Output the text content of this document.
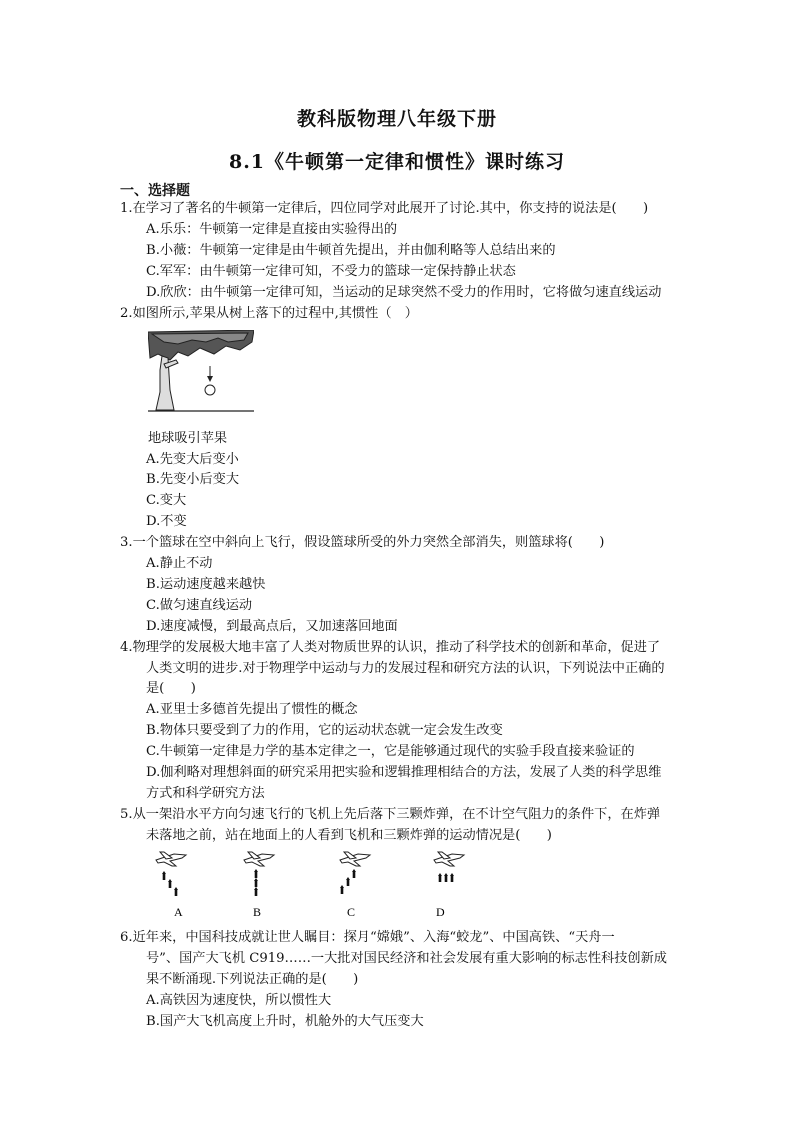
教科版物理八年级下册
8.1《牛顿第一定律和惯性》课时练习
一、选择题
1.在学习了著名的牛顿第一定律后，四位同学对此展开了讨论.其中，你支持的说法是(　　)
A.乐乐：牛顿第一定律是直接由实验得出的
B.小薇：牛顿第一定律是由牛顿首先提出，并由伽利略等人总结出来的
C.军军：由牛顿第一定律可知，不受力的篮球一定保持静止状态
D.欣欣：由牛顿第一定律可知，当运动的足球突然不受力的作用时，它将做匀速直线运动
2.如图所示,苹果从树上落下的过程中,其惯性（　）
地球吸引苹果
A.先变大后变小
B.先变小后变大
C.变大
D.不变
3.一个篮球在空中斜向上飞行，假设篮球所受的外力突然全部消失，则篮球将(　　)
A.静止不动
B.运动速度越来越快
C.做匀速直线运动
D.速度减慢，到最高点后，又加速落回地面
4.物理学的发展极大地丰富了人类对物质世界的认识，推动了科学技术的创新和革命，促进了
人类文明的进步.对于物理学中运动与力的发展过程和研究方法的认识，下列说法中正确的
是(　　)
A.亚里士多德首先提出了惯性的概念
B.物体只要受到了力的作用，它的运动状态就一定会发生改变
C.牛顿第一定律是力学的基本定律之一，它是能够通过现代的实验手段直接来验证的
D.伽利略对理想斜面的研究采用把实验和逻辑推理相结合的方法，发展了人类的科学思维
方式和科学研究方法
5.从一架沿水平方向匀速飞行的飞机上先后落下三颗炸弹，在不计空气阻力的条件下，在炸弹
未落地之前，站在地面上的人看到飞机和三颗炸弹的运动情况是(　　)
A	B	C	D
6.近年来，中国科技成就让世人瞩目：探月“嫦娥”、入海“蛟龙”、中国高铁、“天舟一
号”、国产大飞机 C919……一大批对国民经济和社会发展有重大影响的标志性科技创新成
果不断涌现.下列说法正确的是(　　)
A.高铁因为速度快，所以惯性大
B.国产大飞机高度上升时，机舱外的大气压变大
